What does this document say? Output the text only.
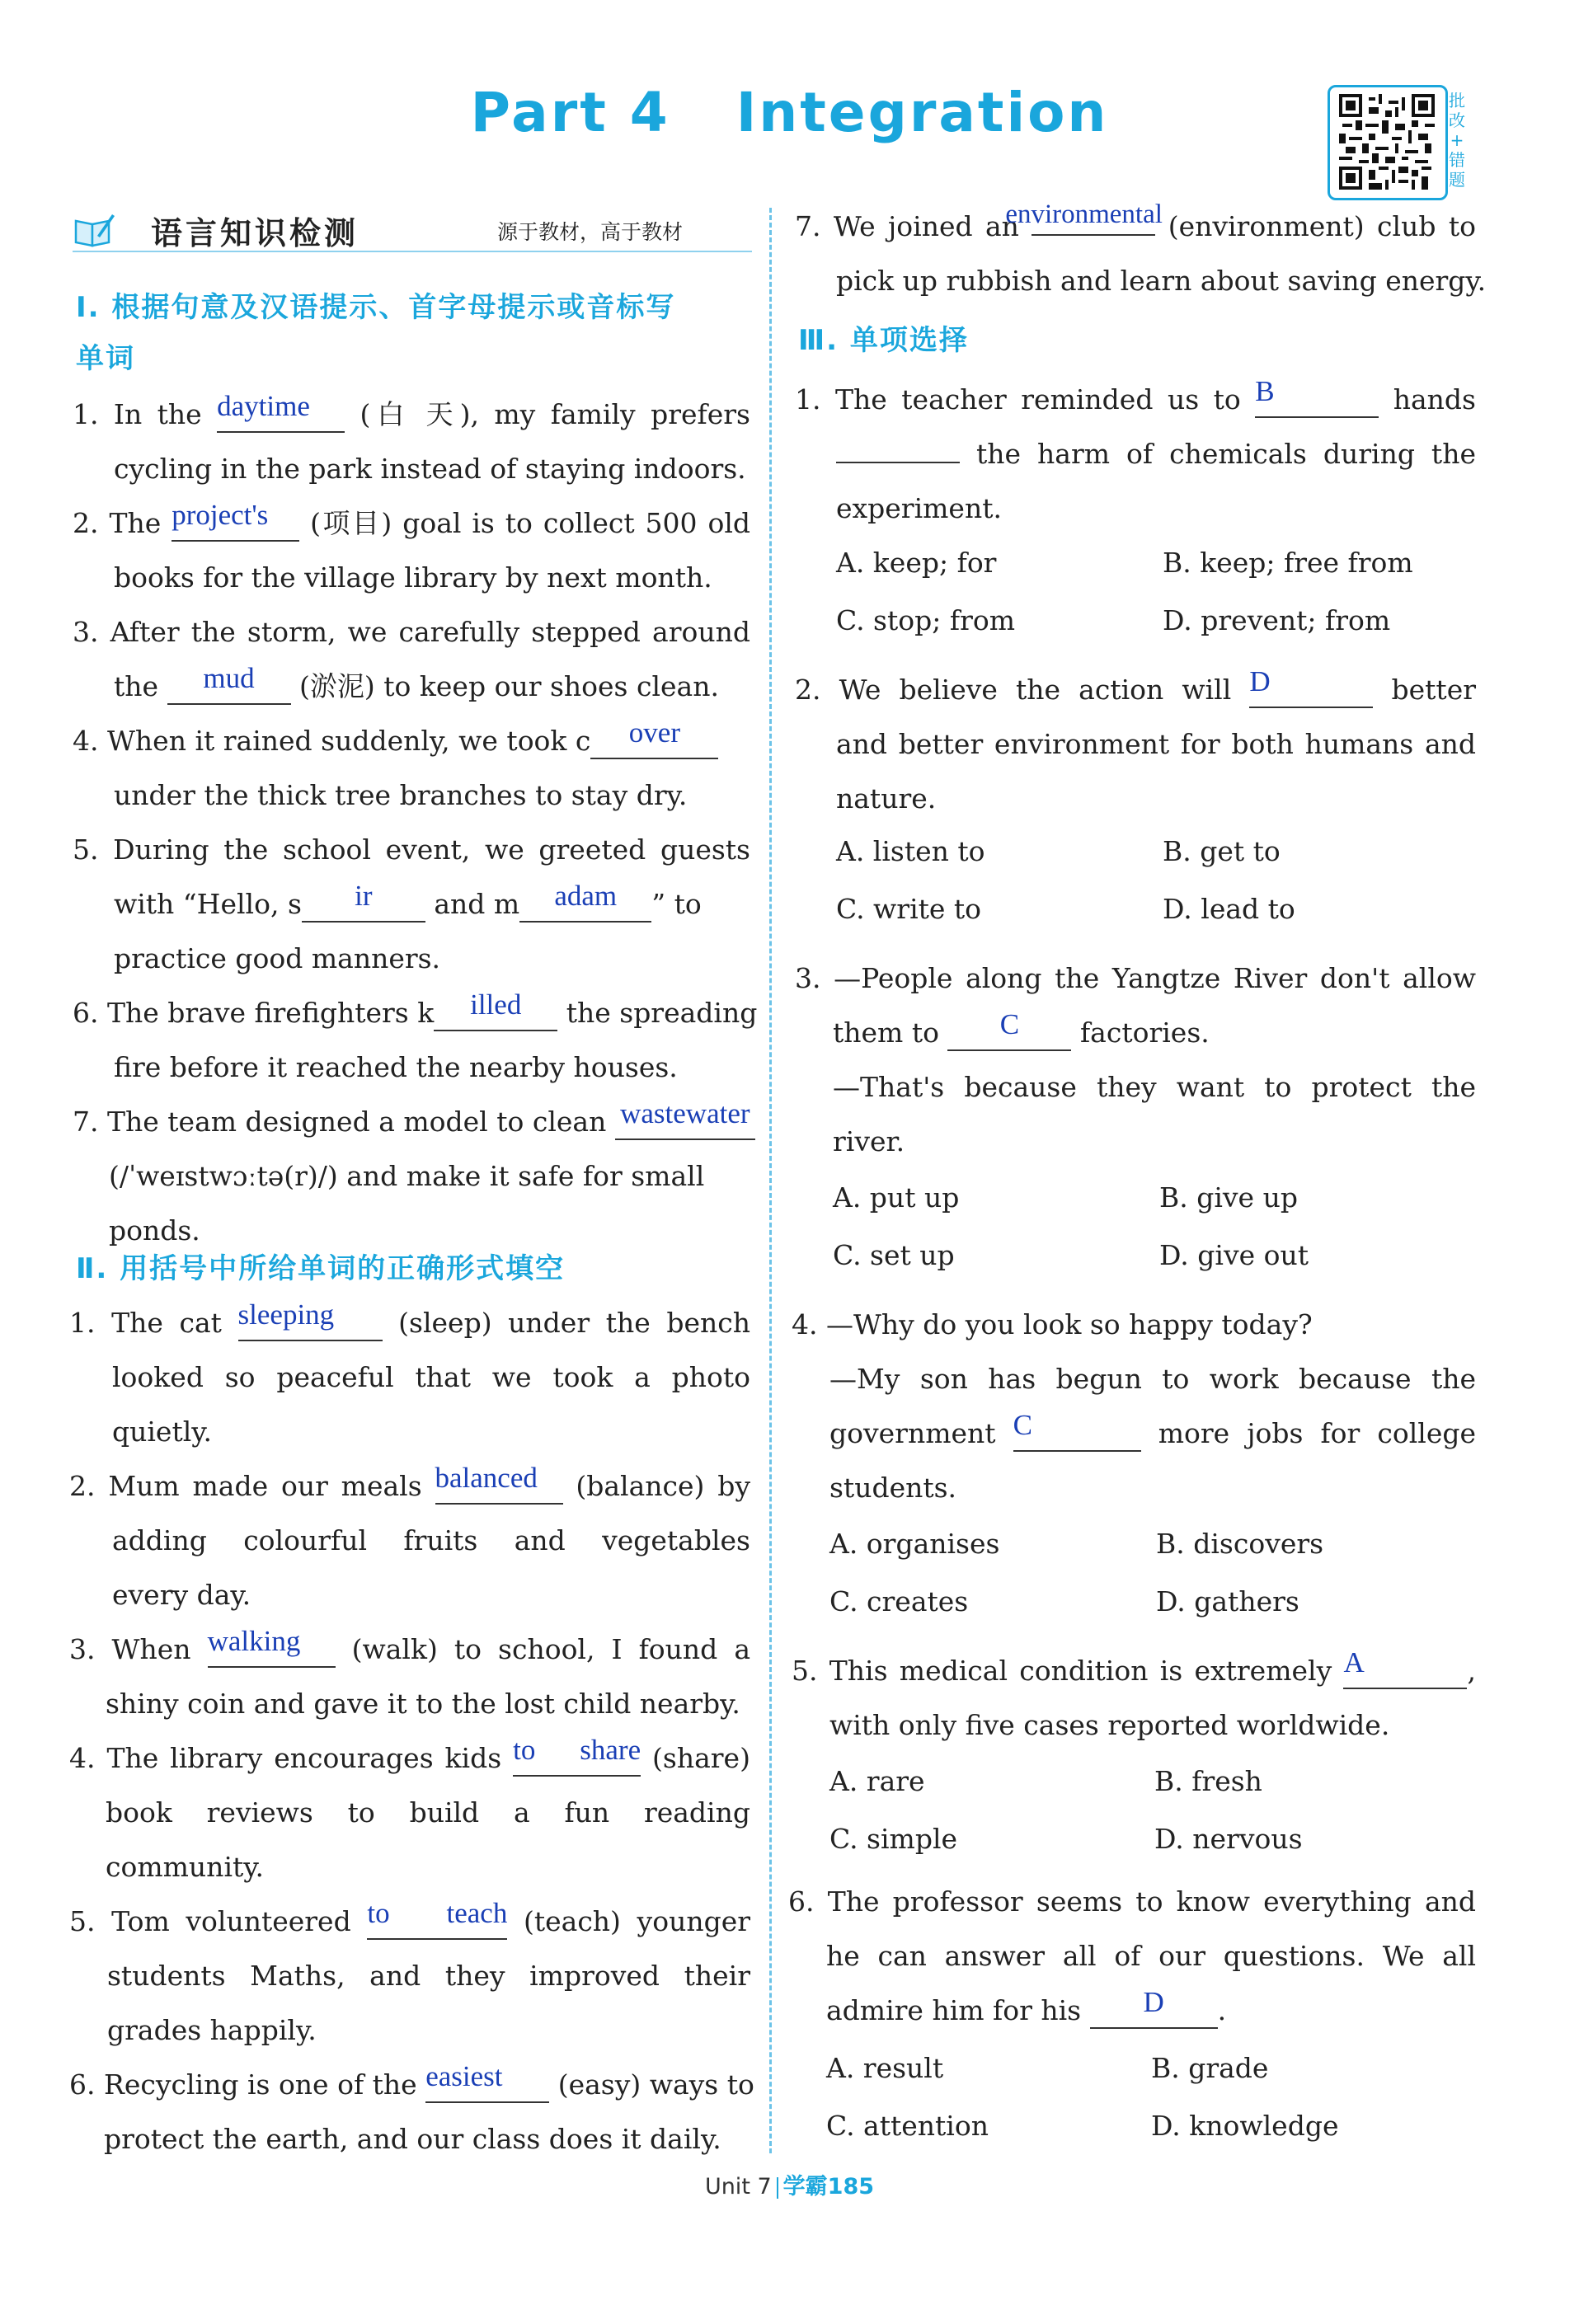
Part 4 Integration	批
改
+
错
题
语言知识检测	源于教材，高于教材
Ⅰ. 根据句意及汉语提示、首字母提示或音标写
单词
1. In the daytime (白 天), my family prefers
cycling in the park instead of staying indoors.
2. The project's (项目) goal is to collect 500 old
books for the village library by next month.
3. After the storm, we carefully stepped around
the mud (淤泥) to keep our shoes clean.
4. When it rained suddenly, we took c over
under the thick tree branches to stay dry.
5. During the school event, we greeted guests
with “Hello, s ir and m adam ” to
practice good manners.
6. The brave firefighters k illed the spreading
fire before it reached the nearby houses.
7. The team designed a model to clean wastewater
(/ˈweɪstwɔːtə(r)/) and make it safe for small
ponds.
Ⅱ. 用括号中所给单词的正确形式填空
1. The cat sleeping (sleep) under the bench
looked so peaceful that we took a photo
quietly.
2. Mum made our meals balanced (balance) by
adding colourful fruits and vegetables
every day.
3. When walking (walk) to school, I found a
shiny coin and gave it to the lost child nearby.
4. The library encourages kids to share (share)
book reviews to build a fun reading
community.
5. Tom volunteered to teach (teach) younger
students Maths, and they improved their
grades happily.
6. Recycling is one of the easiest (easy) ways to
protect the earth, and our class does it daily.
7. We joined an
environmental (environment) club to
pick up rubbish and learn about saving energy.
Ⅲ. 单项选择
1. The teacher reminded us to B	hands
the harm of chemicals during the
experiment.
A. keep; for	B. keep; free from
C. stop; from	D. prevent; from
2. We believe the action will D	better
and better environment for both humans and
nature.
A. listen to	B. get to
C. write to	D. lead to
3. —People along the Yangtze River don't allow
them to C factories.
—That's because they want to protect the
river.
A. put up	B. give up
C. set up	D. give out
4. —Why do you look so happy today?
—My son has begun to work because the
government C	more jobs for college
students.
A. organises	B. discovers
C. creates	D. gathers
5. This medical condition is extremely A	,
with only five cases reported worldwide.
A. rare	B. fresh
C. simple	D. nervous
6. The professor seems to know everything and
he can answer all of our questions. We all
admire him for his D .
A. result	B. grade
C. attention	D. knowledge
Unit 7 学霸185
